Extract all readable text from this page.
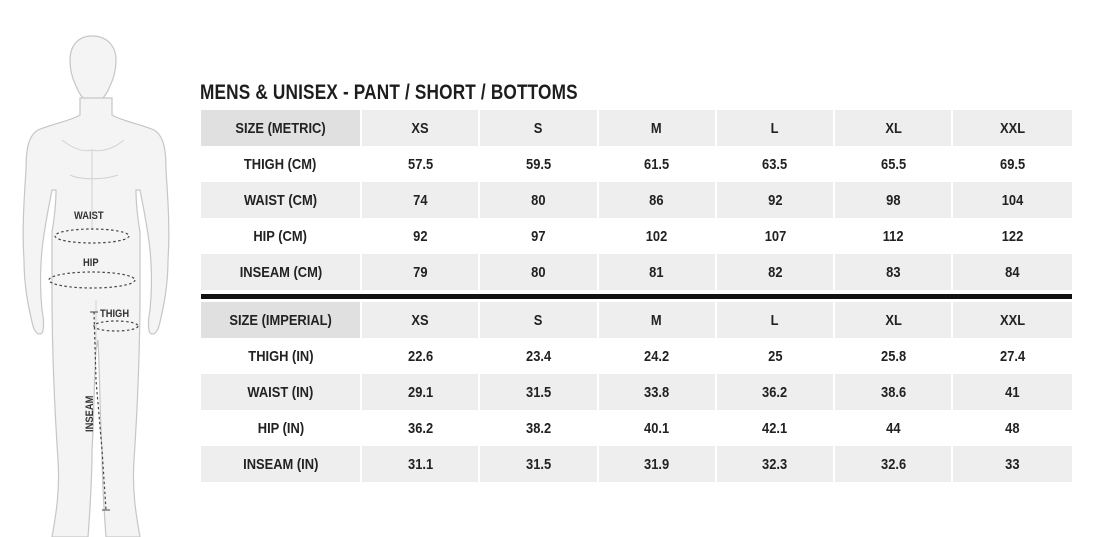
WAIST
HIP
THIGH
INSEAM
MENS & UNISEX - PANT / SHORT / BOTTOMS
SIZE (METRIC)	XS	S	M	L	XL	XXL
THIGH (CM)	57.5	59.5	61.5	63.5	65.5	69.5
WAIST (CM)	74	80	86	92	98	104
HIP (CM)	92	97	102	107	112	122
INSEAM (CM)	79	80	81	82	83	84
SIZE (IMPERIAL)	XS	S	M	L	XL	XXL
THIGH (IN)	22.6	23.4	24.2	25	25.8	27.4
WAIST (IN)	29.1	31.5	33.8	36.2	38.6	41
HIP (IN)	36.2	38.2	40.1	42.1	44	48
INSEAM (IN)	31.1	31.5	31.9	32.3	32.6	33
